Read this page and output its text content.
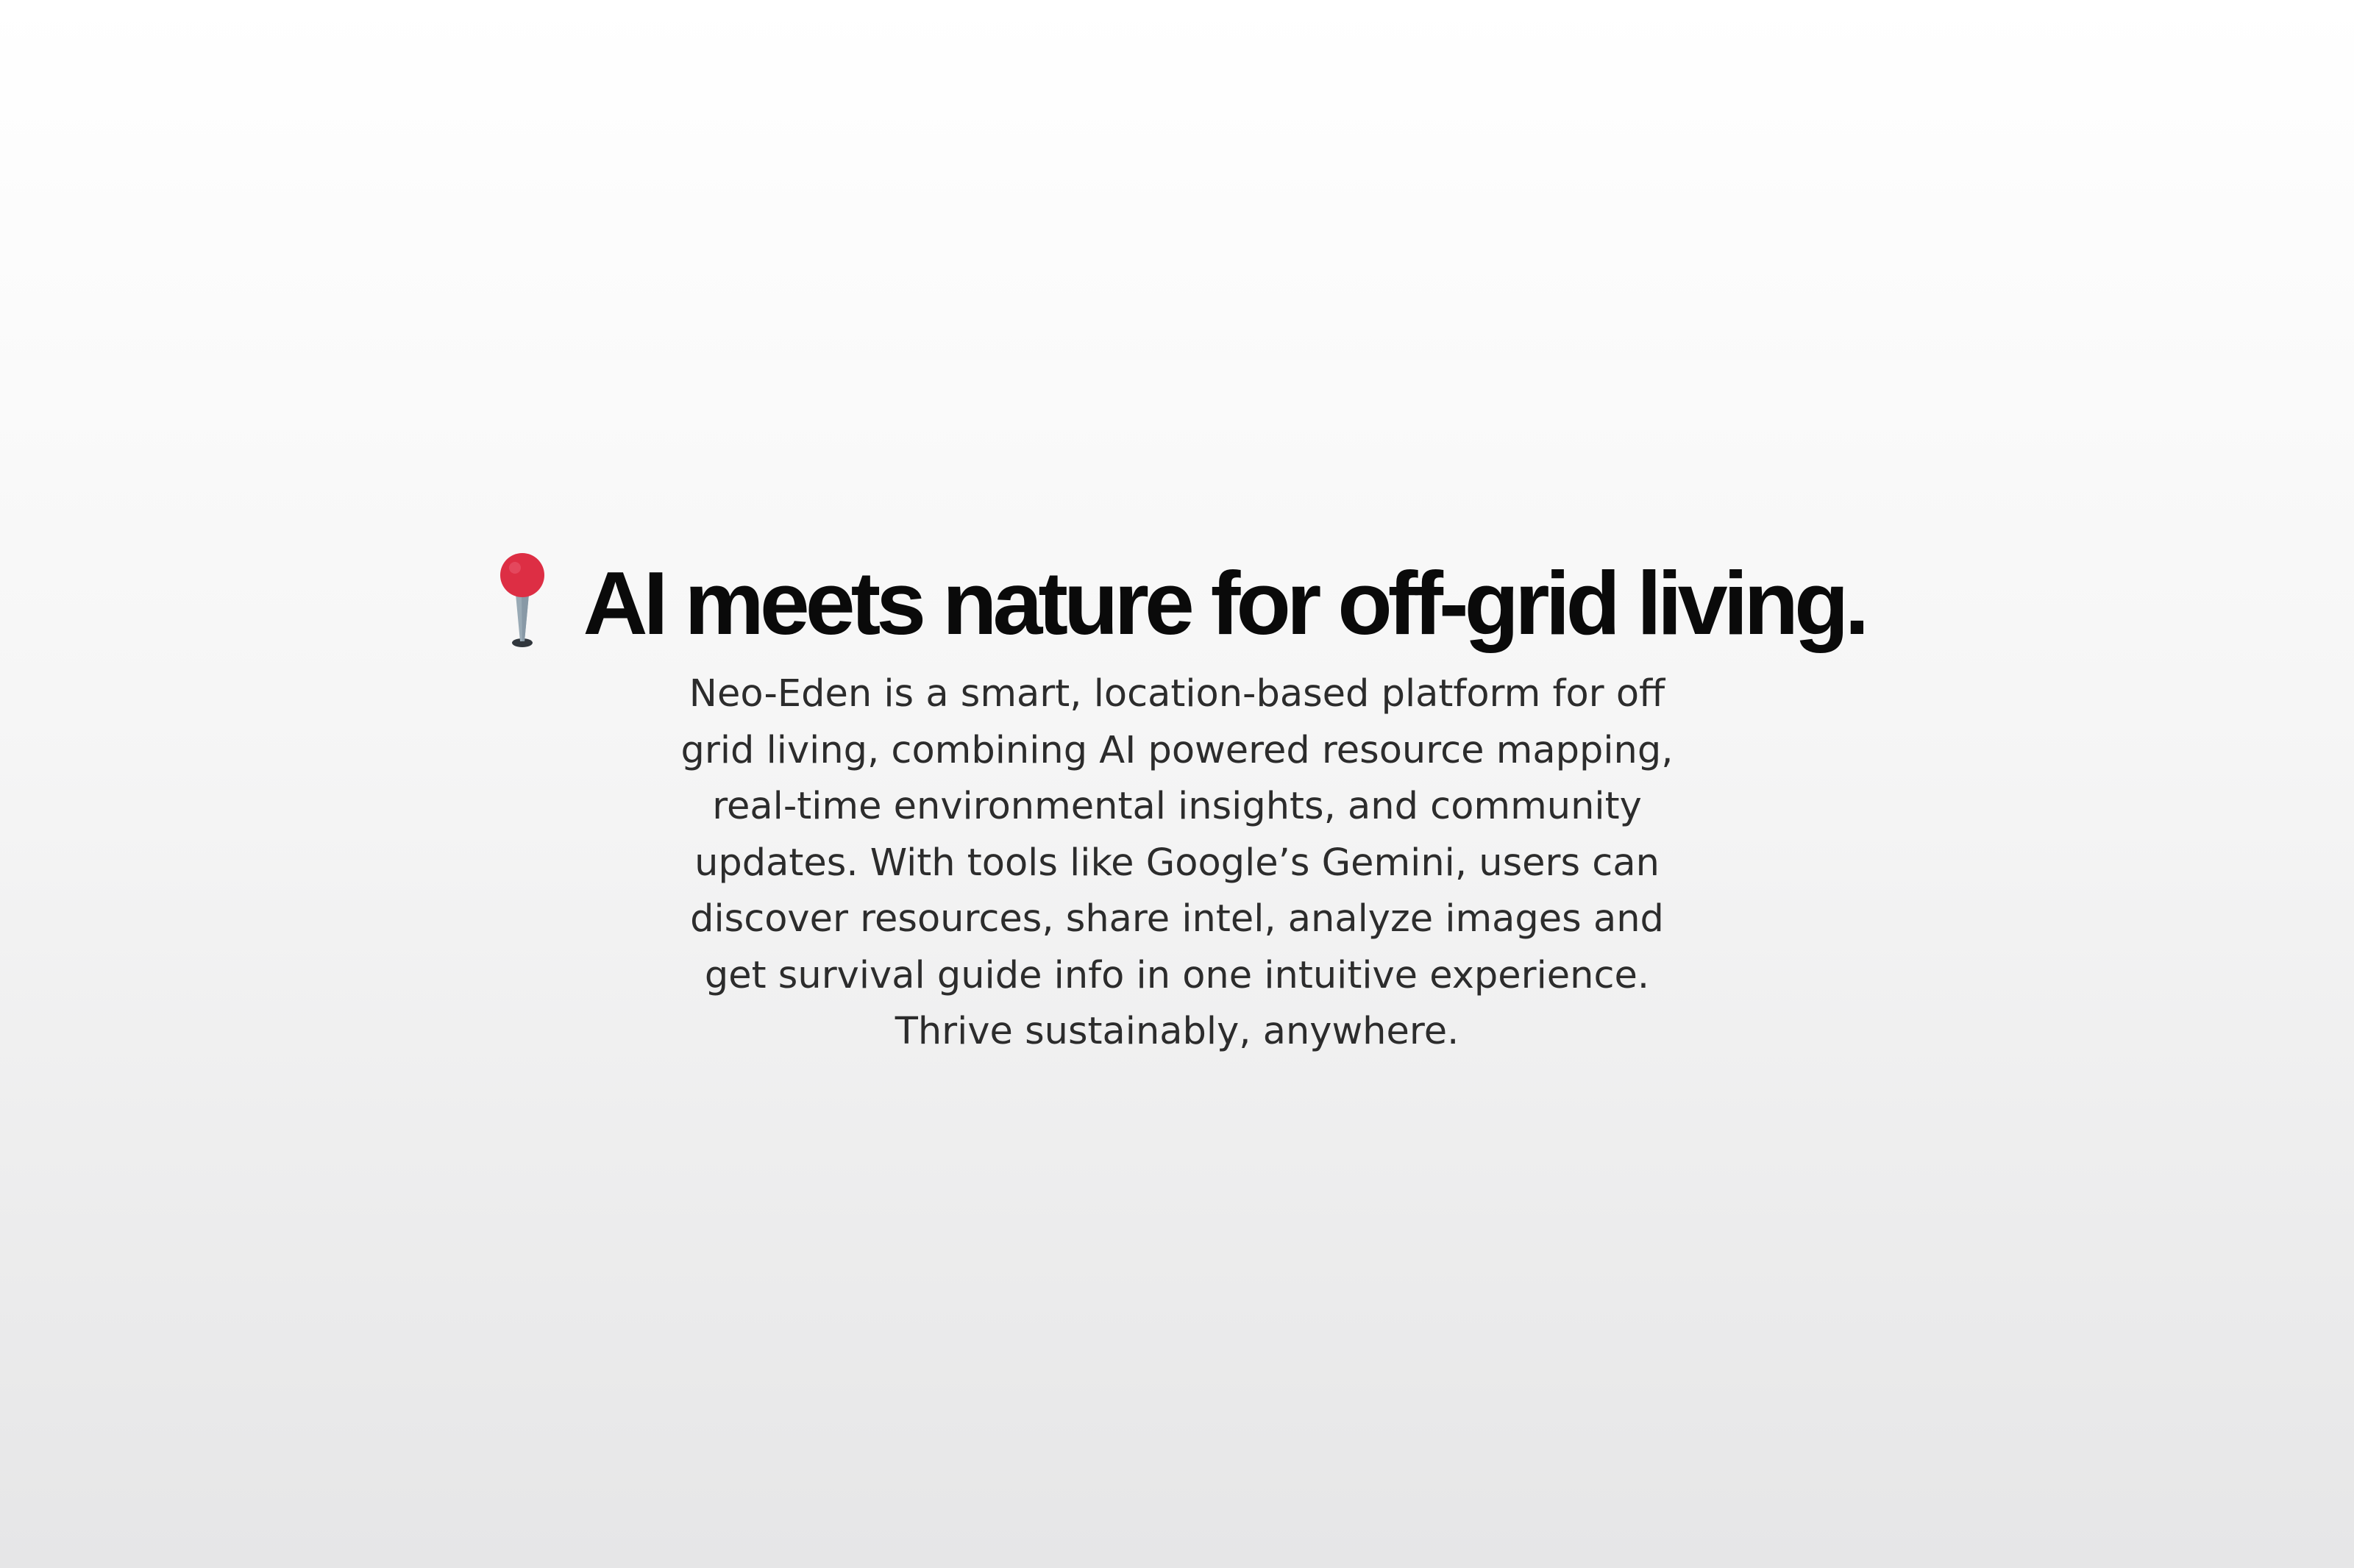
AI meets nature for off-grid living.

Neo-Eden is a smart, location-based platform for off
grid living, combining AI powered resource mapping,
real-time environmental insights, and community
updates. With tools like Google’s Gemini, users can
discover resources, share intel, analyze images and
get survival guide info in one intuitive experience.
Thrive sustainably, anywhere.
